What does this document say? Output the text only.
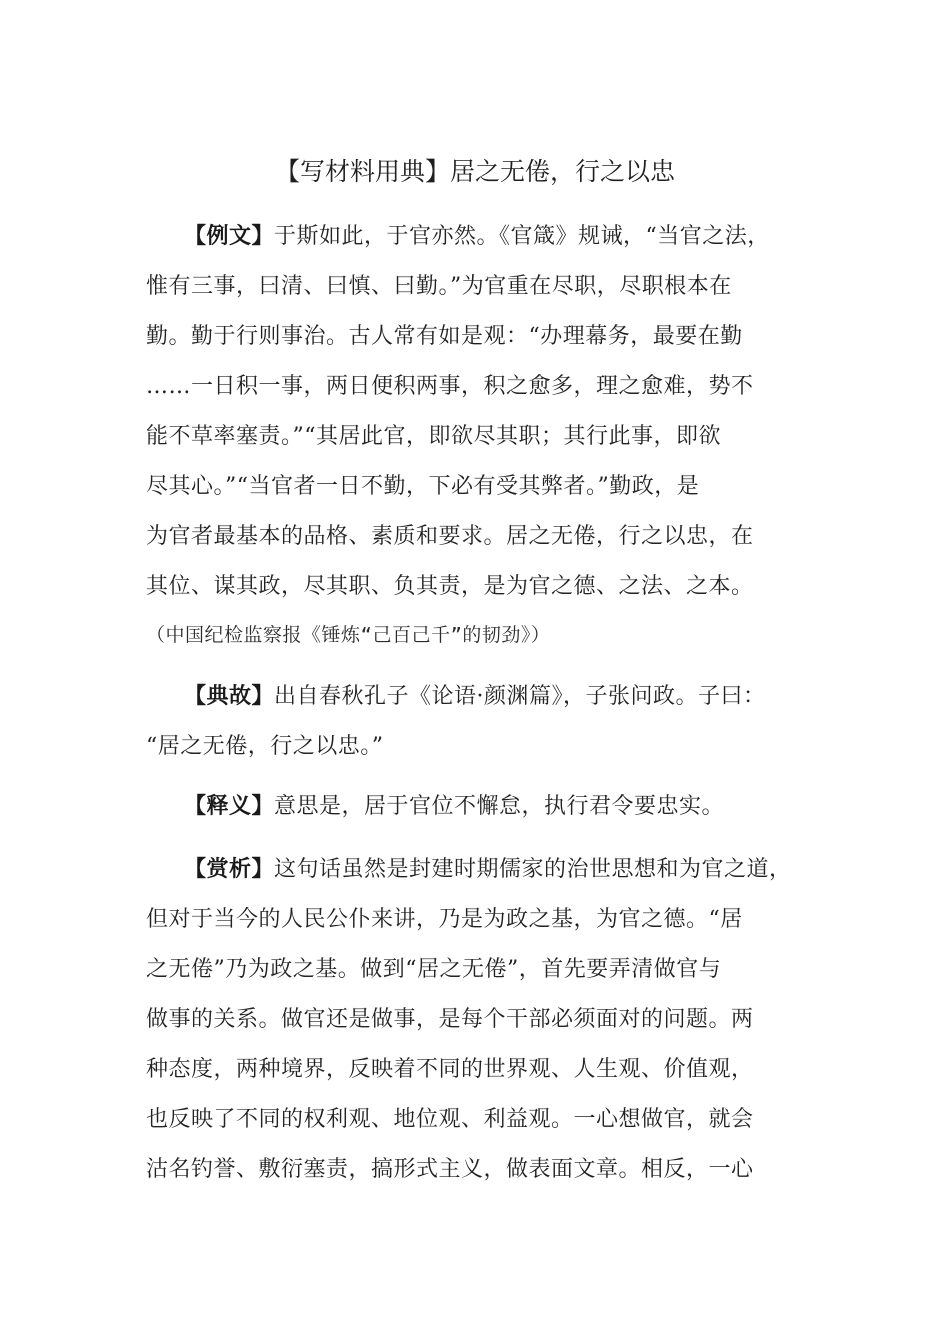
【写材料用典】居之无倦，行之以忠
【例文】于斯如此，于官亦然。《官箴》规诫，“当官之法，
惟有三事，曰清、曰慎、曰勤。”为官重在尽职，尽职根本在
勤。勤于行则事治。古人常有如是观：“办理幕务，最要在勤
……一日积一事，两日便积两事，积之愈多，理之愈难，势不
能不草率塞责。”“其居此官，即欲尽其职；其行此事，即欲
尽其心。”“当官者一日不勤，下必有受其弊者。”勤政，是
为官者最基本的品格、素质和要求。居之无倦，行之以忠，在
其位、谋其政，尽其职、负其责，是为官之德、之法、之本。
（中国纪检监察报《锤炼“己百己千”的韧劲》）
【典故】出自春秋孔子《论语·颜渊篇》，子张问政。子曰：
“居之无倦，行之以忠。”
【释义】意思是，居于官位不懈怠，执行君令要忠实。
【赏析】这句话虽然是封建时期儒家的治世思想和为官之道，
但对于当今的人民公仆来讲，乃是为政之基，为官之德。“居
之无倦”乃为政之基。做到“居之无倦”，首先要弄清做官与
做事的关系。做官还是做事，是每个干部必须面对的问题。两
种态度，两种境界，反映着不同的世界观、人生观、价值观，
也反映了不同的权利观、地位观、利益观。一心想做官，就会
沽名钓誉、敷衍塞责，搞形式主义，做表面文章。相反，一心
